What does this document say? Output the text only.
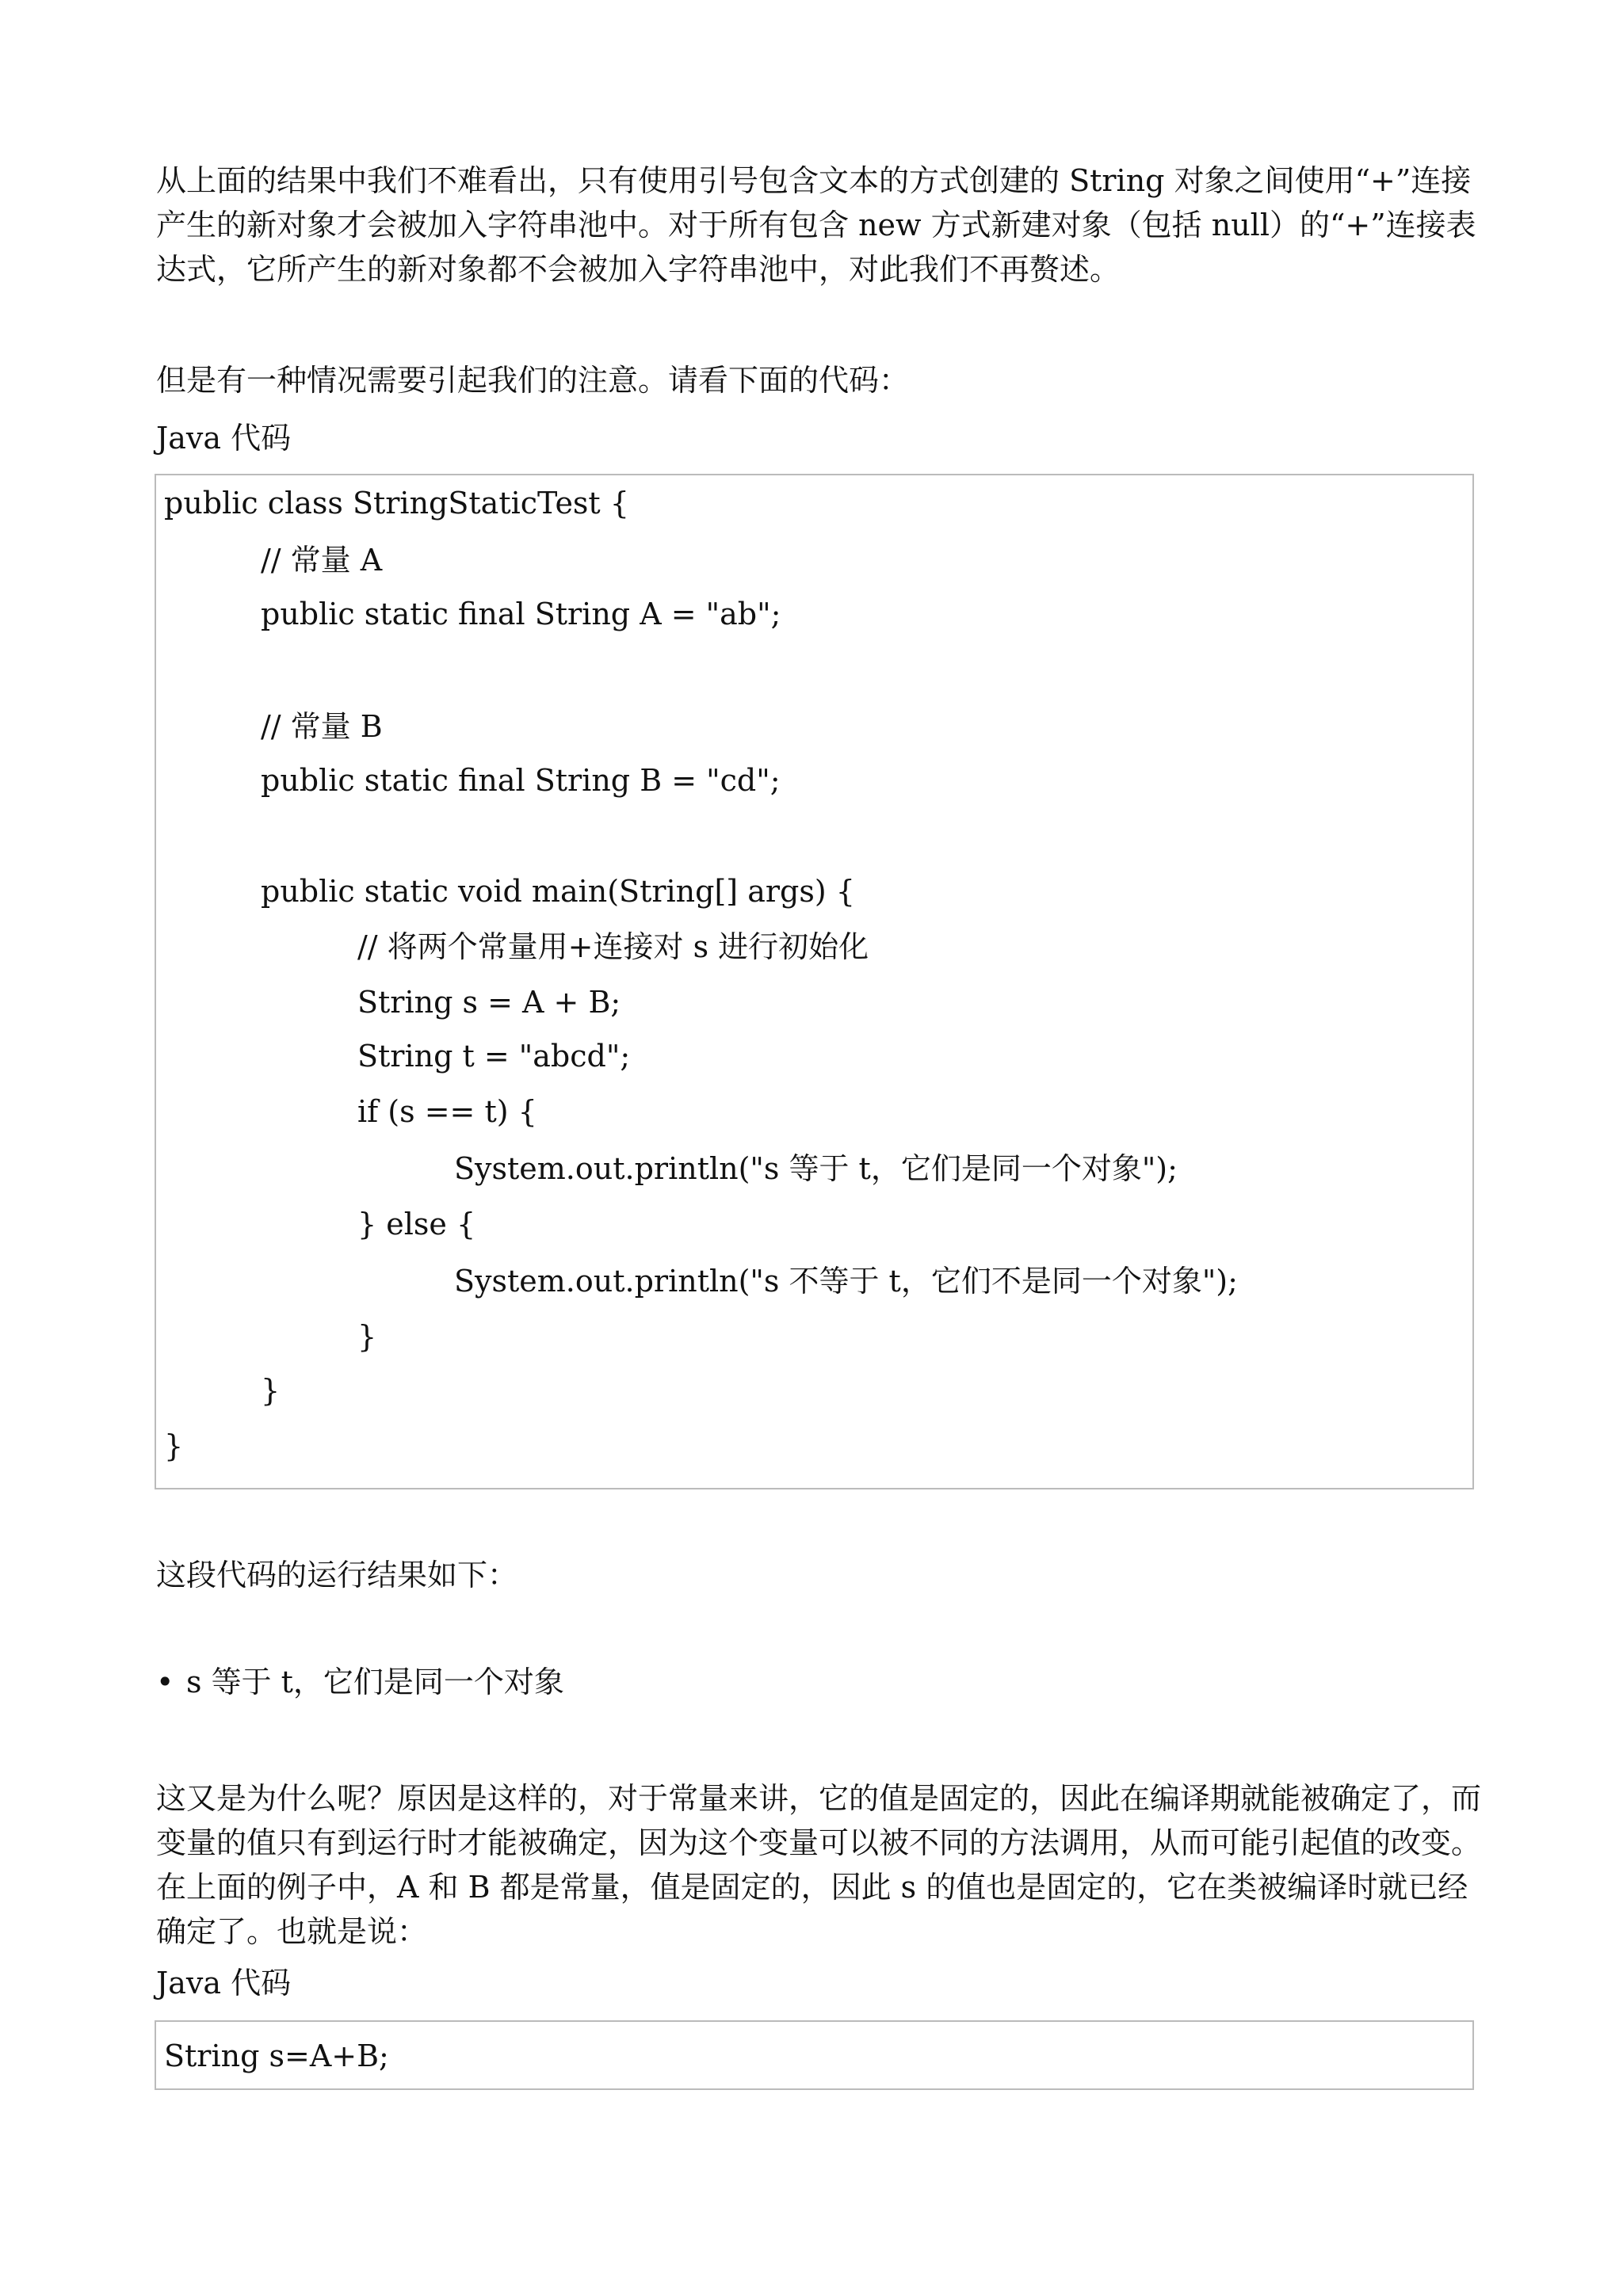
从上面的结果中我们不难看出，只有使用引号包含文本的方式创建的 String 对象之间使用“+”连接产生的新对象才会被加入字符串池中。对于所有包含 new 方式新建对象（包括 null）的“+”连接表达式，它所产生的新对象都不会被加入字符串池中，对此我们不再赘述。

但是有一种情况需要引起我们的注意。请看下面的代码：

Java 代码
public class StringStaticTest {
// 常量 A
public static final String A = "ab";
// 常量 B
public static final String B = "cd";
public static void main(String[] args) {
// 将两个常量用+连接对 s 进行初始化
String s = A + B;
String t = "abcd";
if (s == t) {
System.out.println("s 等于 t，它们是同一个对象");
} else {
System.out.println("s 不等于 t，它们不是同一个对象");
}
}
}

这段代码的运行结果如下：

• s 等于 t，它们是同一个对象

这又是为什么呢？原因是这样的，对于常量来讲，它的值是固定的，因此在编译期就能被确定了，而变量的值只有到运行时才能被确定，因为这个变量可以被不同的方法调用，从而可能引起值的改变。在上面的例子中，A 和 B 都是常量，值是固定的，因此 s 的值也是固定的，它在类被编译时就已经确定了。也就是说：

Java 代码
String s=A+B;
